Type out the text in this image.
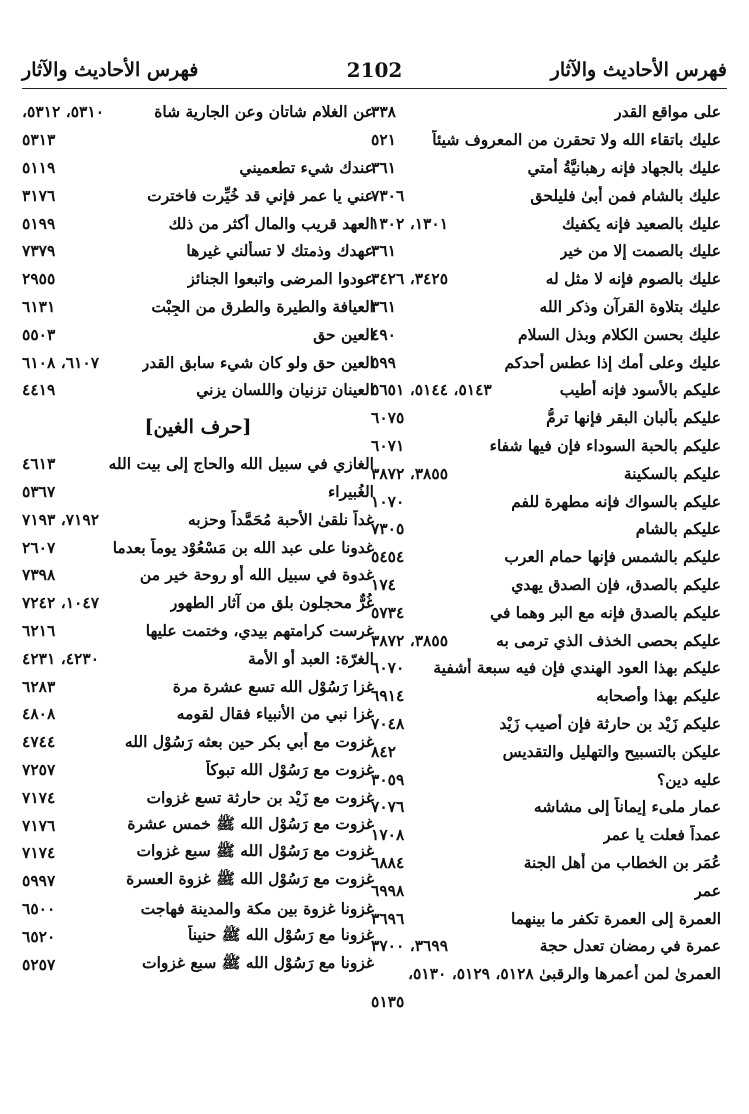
فهرس الأحاديث والآثار
2102
فهرس الأحاديث والآثار
على مواقع القدر
٣٣٨
عليك باتقاء الله ولا تحقرن من المعروف شيئاً
٥٢١
عليك بالجهاد فإنه رهبانيَّةُ أمتي
٣٦١
عليك بالشام فمن أبىٰ فليلحق
٧٣٠٦
عليك بالصعيد فإنه يكفيك
١٣٠١، ١٣٠٢
عليك بالصمت إلا من خير
٣٦١
عليك بالصوم فإنه لا مثل له
٣٤٢٥، ٣٤٢٦
عليك بتلاوة القرآن وذكر الله
٣٦١
عليك بحسن الكلام وبذل السلام
٤٩٠
عليك وعلى أمك إذا عطس أحدكم
٥٩٩
عليكم بالأسود فإنه أطيب
٥١٤٣، ٥١٤٤، ٥٦٥١
عليكم بألبان البقر فإنها ترمُّ
٦٠٧٥
عليكم بالحبة السوداء فإن فيها شفاء
٦٠٧١
عليكم بالسكينة
٣٨٥٥، ٣٨٧٢
عليكم بالسواك فإنه مطهرة للفم
١٠٧٠
عليكم بالشام
٧٣٠٥
عليكم بالشمس فإنها حمام العرب
٥٤٥٤
عليكم بالصدق، فإن الصدق يهدي
١٧٤
عليكم بالصدق فإنه مع البر وهما في
٥٧٣٤
عليكم بحصى الخذف الذي ترمى به
٣٨٥٥، ٣٨٧٢
عليكم بهذا العود الهندي فإن فيه سبعة أشفية
٦٠٧٠
عليكم بهذا وأصحابه
٦٩١٤
عليكم زَيْد بن حارثة فإن أصيب زَيْد
٧٠٤٨
عليكن بالتسبيح والتهليل والتقديس
٨٤٢
عليه دين؟
٣٠٥٩
عمار ملىء إيماناً إلى مشاشه
٧٠٧٦
عمداً فعلت يا عمر
١٧٠٨
عُمَر بن الخطاب من أهل الجنة
٦٨٨٤
عمر
٦٩٩٨
العمرة إلى العمرة تكفر ما بينهما
٣٦٩٦
عمرة في رمضان تعدل حجة
٣٦٩٩، ٣٧٠٠
العمرىٰ لمن أعمرها والرقبىٰ ٥١٢٨، ٥١٢٩، ٥١٣٠،
٥١٣٥
عن الغلام شاتان وعن الجارية شاة
٥٣١٠، ٥٣١٢،
٥٣١٣
عندك شيء تطعميني
٥١١٩
عني يا عمر فإني قد خُيِّرت فاخترت
٣١٧٦
العهد قريب والمال أكثر من ذلك
٥١٩٩
عهدك وذمتك لا تسألني غيرها
٧٣٧٩
عودوا المرضى واتبعوا الجنائز
٢٩٥٥
العيافة والطيرة والطرق من الجِبْت
٦١٣١
العين حق
٥٥٠٣
العين حق ولو كان شيء سابق القدر
٦١٠٧، ٦١٠٨
العينان تزنيان واللسان يزني
٤٤١٩
[حرف الغين]
الغازي في سبيل الله والحاج إلى بيت الله
٤٦١٣
الغُبيراء
٥٣٦٧
غداً نلقىٰ الأحبة مُحَمَّداً وحزبه
٧١٩٢، ٧١٩٣
غدونا على عبد الله بن مَسْعُوْد يوماً بعدما
٢٦٠٧
غدوة في سبيل الله أو روحة خير من
٧٣٩٨
غُرٌّ محجلون بلق من آثار الطهور
١٠٤٧، ٧٢٤٢
غرست كرامتهم بيدي، وختمت عليها
٦٢١٦
الغرّة: العبد أو الأمة
٤٢٣٠، ٤٢٣١
غزا رَسُوْل الله تسع عشرة مرة
٦٢٨٣
غزا نبي من الأنبياء فقال لقومه
٤٨٠٨
غزوت مع أبي بكر حين بعثه رَسُوْل الله
٤٧٤٤
غزوت مع رَسُوْل الله تبوكاً
٧٢٥٧
غزوت مع زَيْد بن حارثة تسع غزوات
٧١٧٤
غزوت مع رَسُوْل الله ﷺ خمس عشرة
٧١٧٦
غزوت مع رَسُوْل الله ﷺ سبع غزوات
٧١٧٤
غزوت مع رَسُوْل الله ﷺ غزوة العسرة
٥٩٩٧
غزونا غزوة بين مكة والمدينة فهاجت
٦٥٠٠
غزونا مع رَسُوْل الله ﷺ حنيناً
٦٥٢٠
غزونا مع رَسُوْل الله ﷺ سبع غزوات
٥٢٥٧
